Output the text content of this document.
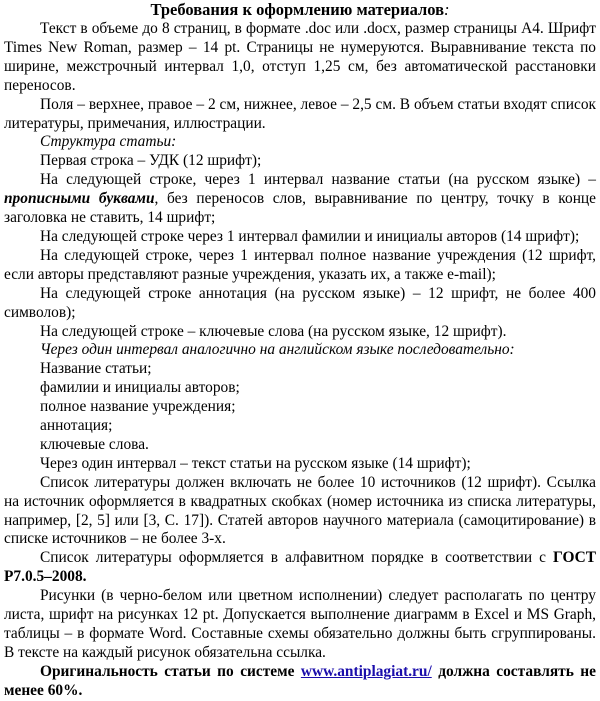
Требования к оформлению материалов:

Текст в объеме до 8 страниц, в формате .doc или .docx, размер страницы А4. Шрифт Times New Roman, размер – 14 pt. Страницы не нумеруются. Выравнивание текста по ширине, межстрочный интервал 1,0, отступ 1,25 см, без автоматической расстановки переносов.

Поля – верхнее, правое – 2 см, нижнее, левое – 2,5 см. В объем статьи входят список литературы, примечания, иллюстрации.

Структура статьи:

Первая строка – УДК (12 шрифт);

На следующей строке, через 1 интервал название статьи (на русском языке) – прописными буквами, без переносов слов, выравнивание по центру, точку в конце заголовка не ставить, 14 шрифт;

На следующей строке через 1 интервал фамилии и инициалы авторов (14 шрифт);

На следующей строке, через 1 интервал полное название учреждения (12 шрифт, если авторы представляют разные учреждения, указать их, а также e-mail);

На следующей строке аннотация (на русском языке) – 12 шрифт, не более 400 символов);

На следующей строке – ключевые слова (на русском языке, 12 шрифт).

Через один интервал аналогично на английском языке последовательно:

Название статьи;

фамилии и инициалы авторов;

полное название учреждения;

аннотация;

ключевые слова.

Через один интервал – текст статьи на русском языке (14 шрифт);

Список литературы должен включать не более 10 источников (12 шрифт). Ссылка на источник оформляется в квадратных скобках (номер источника из списка литературы, например, [2, 5] или [3, С. 17]). Статей авторов научного материала (самоцитирование) в списке источников – не более 3-х.

Список литературы оформляется в алфавитном порядке в соответствии с ГОСТ Р7.0.5–2008.

Рисунки (в черно-белом или цветном исполнении) следует располагать по центру листа, шрифт на рисунках 12 pt. Допускается выполнение диаграмм в Excel и MS Graph, таблицы – в формате Word. Составные схемы обязательно должны быть сгруппированы. В тексте на каждый рисунок обязательна ссылка.

Оригинальность статьи по системе www.antiplagiat.ru/ должна составлять не менее 60%.
